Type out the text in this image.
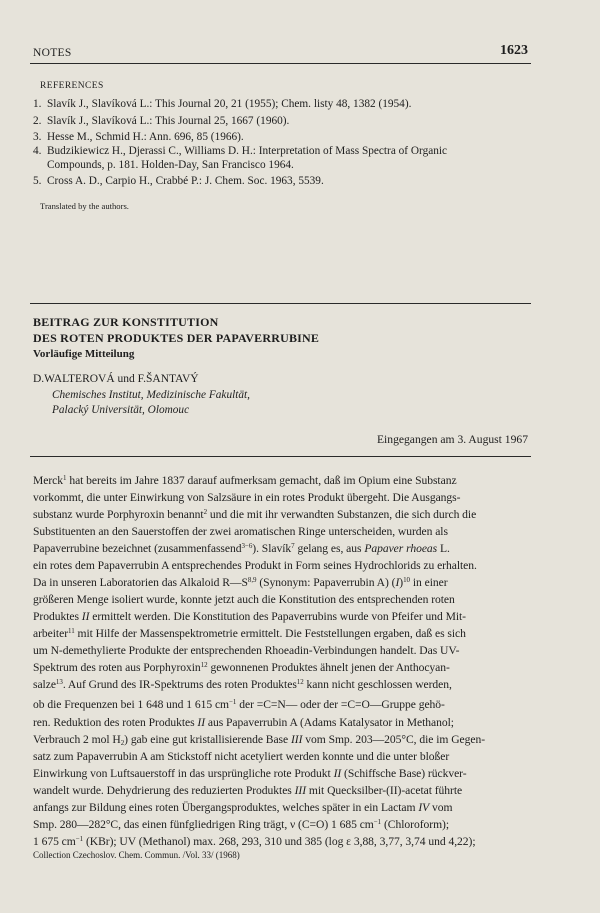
NOTES	1623
REFERENCES
1. Slavík J., Slavíková L.: This Journal 20, 21 (1955); Chem. listy 48, 1382 (1954).
2. Slavík J., Slavíková L.: This Journal 25, 1667 (1960).
3. Hesse M., Schmid H.: Ann. 696, 85 (1966).
4. Budzikiewicz H., Djerassi C., Williams D. H.: Interpretation of Mass Spectra of Organic
Compounds, p. 181. Holden-Day, San Francisco 1964.
5. Cross A. D., Carpio H., Crabbé P.: J. Chem. Soc. 1963, 5539.
Translated by the authors.
BEITRAG ZUR KONSTITUTION
DES ROTEN PRODUKTES DER PAPAVERRUBINE
Vorläufige Mitteilung
D.WALTEROVÁ und F.ŠANTAVÝ
Chemisches Institut, Medizinische Fakultät,
Palacký Universität, Olomouc
Eingegangen am 3. August 1967
Merck$^1$ hat bereits im Jahre 1837 darauf aufmerksam gemacht, daß im Opium eine Substanz
vorkommt, die unter Einwirkung von Salzsäure in ein rotes Produkt übergeht. Die Ausgangs-
substanz wurde Porphyroxin benannt$^2$ und die mit ihr verwandten Substanzen, die sich durch die
Substituenten an den Sauerstoffen der zwei aromatischen Ringe unterscheiden, wurden als
Papaverrubine bezeichnet (zusammenfassend$^{3-6}$). Slavík$^7$ gelang es, aus Papaver rhoeas L.
ein rotes dem Papaverrubin A entsprechendes Produkt in Form seines Hydrochlorids zu erhalten.
Da in unseren Laboratorien das Alkaloid $R—S^{8,9}$ (Synonym: Papaverrubin A) $(I)^{10}$ in einer
größeren Menge isoliert wurde, konnte jetzt auch die Konstitution des entsprechenden roten
Produktes II ermittelt werden. Die Konstitution des Papaverrubins wurde von Pfeifer und Mit-
arbeiter$^{11}$ mit Hilfe der Massenspektrometrie ermittelt. Die Feststellungen ergaben, daß es sich
um N-demethylierte Produkte der entsprechenden Rhoeadin-Verbindungen handelt. Das UV-
Spektrum des roten aus Porphyroxin$^{12}$ gewonnenen Produktes ähnelt jenen der Anthocyan-
salze$^{13}$. Auf Grund des IR-Spektrums des roten Produktes$^{12}$ kann nicht geschlossen werden,
ob die Frequenzen bei 1 648 und 1 615 $cm^{-1}$ der =C=N— oder der =C=O—Gruppe gehö-
ren. Reduktion des roten Produktes II aus Papaverrubin A (Adams Katalysator in Methanol;
Verbrauch 2 mol $H_2$) gab eine gut kristallisierende Base III vom Smp. 203—205°C, die im Gegen-
satz zum Papaverrubin A am Stickstoff nicht acetyliert werden konnte und die unter bloßer
Einwirkung von Luftsauerstoff in das ursprüngliche rote Produkt II (Schiffsche Base) rückver-
wandelt wurde. Dehydrierung des reduzierten Produktes III mit Quecksilber-(II)-acetat führte
anfangs zur Bildung eines roten Übergangsproduktes, welches später in ein Lactam IV vom
Smp. 280—282°C, das einen fünfgliedrigen Ring trägt, ν (C=O) 1 685 $cm^{-1}$ (Chloroform);
1 675 $cm^{-1}$ (KBr); UV (Methanol) max. 268, 293, 310 und 385 (log ε 3,88, 3,77, 3,74 und 4,22);
Collection Czechoslov. Chem. Commun. /Vol. 33/ (1968)
